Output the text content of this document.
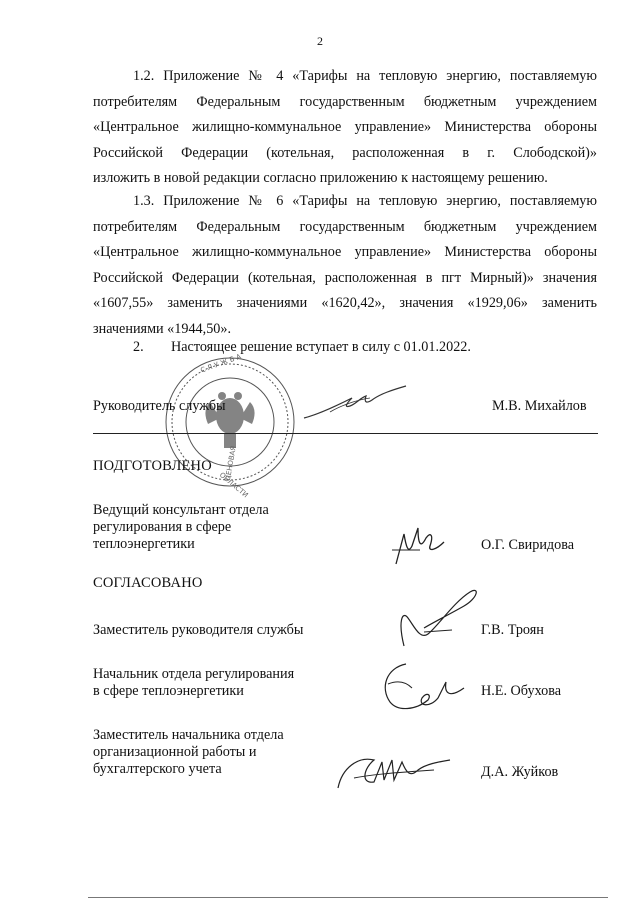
2
1.2. Приложение № 4 «Тарифы на тепловую энергию, поставляемую
потребителям Федеральным государственным бюджетным учреждением
«Центральное жилищно-коммунальное управление» Министерства обороны
Российской Федерации (котельная, расположенная в г. Слободской)»
изложить в новой редакции согласно приложению к настоящему решению.
1.3. Приложение № 6 «Тарифы на тепловую энергию, поставляемую
потребителям Федеральным государственным бюджетным учреждением
«Центральное жилищно-коммунальное управление» Министерства обороны
Российской Федерации (котельная, расположенная в пгт Мирный)» значения
«1607,55» заменить значениями «1620,42», значения «1929,06» заменить
значениями «1944,50».
2. Настоящее решение вступает в силу с 01.01.2022.
С Л У Ж Б А
ЦЕНОВАЯ
ОБЛАСТИ
Руководитель службы	М.В. Михайлов
ПОДГОТОВЛЕНО
Ведущий консультант отдела
регулирования в сфере
теплоэнергетики	О.Г. Свиридова
СОГЛАСОВАНО
Заместитель руководителя службы	Г.В. Троян
Начальник отдела регулирования
в сфере теплоэнергетики	Н.Е. Обухова
Заместитель начальника отдела
организационной работы и
бухгалтерского учета	Д.А. Жуйков
